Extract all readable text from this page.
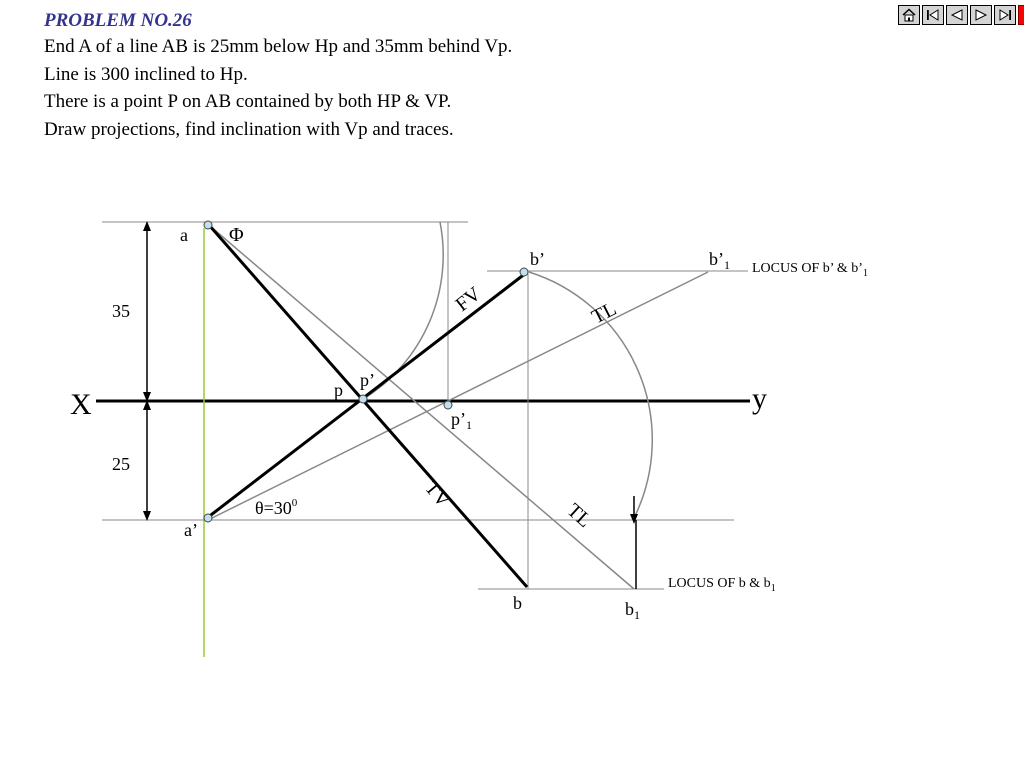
PROBLEM NO.26
End A of a line AB is 25mm below Hp and 35mm behind Vp.
Line is 300 inclined to Hp.
There is a point P on AB contained by both HP & VP.
Draw projections, find inclination with Vp and traces.
X	y
a Φ
b’	$b’_1$ LOCUS OF b’ & $b’_1$
FV	TL
35
25
p p’
$p’_1$
TV
$\theta=30^0$
a’	TL
LOCUS OF b & $b_1$
b	$b_1$
